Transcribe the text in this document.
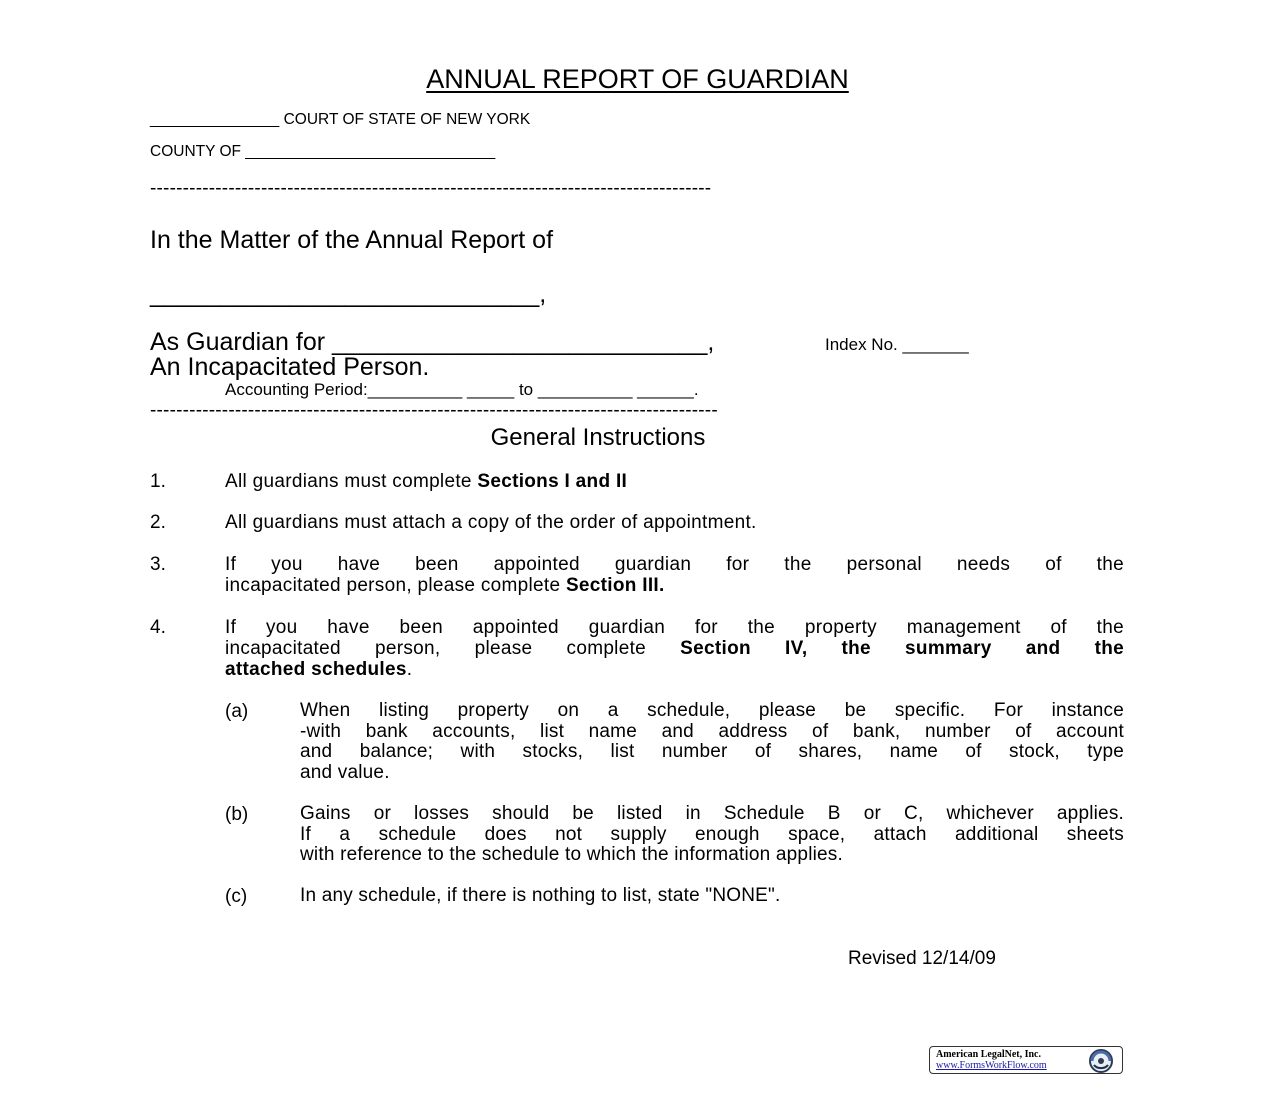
ANNUAL REPORT OF GUARDIAN
_______________ COURT OF STATE OF NEW YORK
COUNTY OF _____________________________
--------------------------------------------------------------------------------------
In the Matter of the Annual Report of
____________________________,
As Guardian for ___________________________,	Index No. _______
An Incapacitated Person.
Accounting Period:__________ _____ to __________ ______.
---------------------------------------------------------------------------------------
General Instructions
1.	All guardians must complete Sections I and II
2.	All guardians must attach a copy of the order of appointment.
3.	If you have been appointed guardian for the personal needs of the
incapacitated person, please complete Section III.
4.	If you have been appointed guardian for the property management of the
incapacitated person, please complete Section IV, the summary and the
attached schedules.
(a)	When listing property on a schedule, please be specific. For instance
-with bank accounts, list name and address of bank, number of account
and balance; with stocks, list number of shares, name of stock, type
and value.
(b)	Gains or losses should be listed in Schedule B or C, whichever applies.
If a schedule does not supply enough space, attach additional sheets
with reference to the schedule to which the information applies.
(c)	In any schedule, if there is nothing to list, state "NONE".
Revised 12/14/09
American LegalNet, Inc.
www.FormsWorkFlow.com
